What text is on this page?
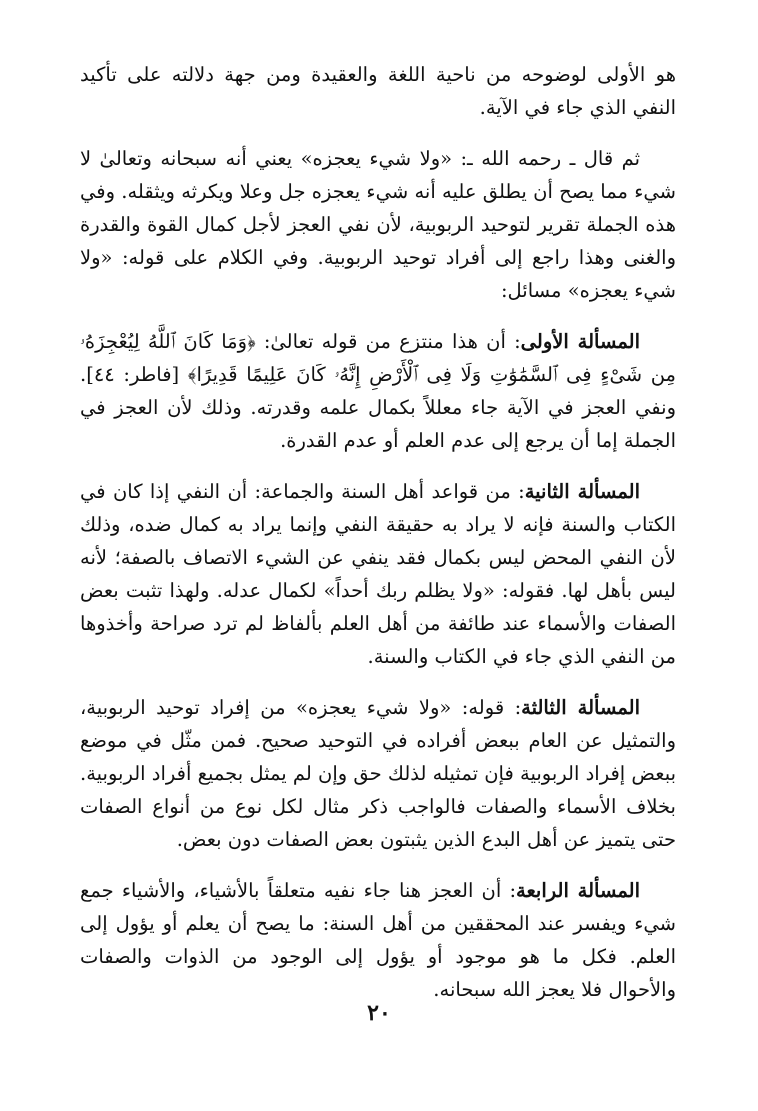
هو الأولى لوضوحه من ناحية اللغة والعقيدة ومن جهة دلالته على تأكيد النفي الذي جاء في الآية.

ثم قال ـ رحمه الله ـ: «ولا شيء يعجزه» يعني أنه سبحانه وتعالىٰ لا شيء مما يصح أن يطلق عليه أنه شيء يعجزه جل وعلا ويكرثه ويثقله. وفي هذه الجملة تقرير لتوحيد الربوبية، لأن نفي العجز لأجل كمال القوة والقدرة والغنى وهذا راجع إلى أفراد توحيد الربوبية. وفي الكلام على قوله: «ولا شيء يعجزه» مسائل:

المسألة الأولى: أن هذا منتزع من قوله تعالىٰ: ﴿وَمَا كَانَ ٱللَّهُ لِيُعْجِزَهُۥ مِن شَىْءٍ فِى ٱلسَّمَٰوَٰتِ وَلَا فِى ٱلْأَرْضِ إِنَّهُۥ كَانَ عَلِيمًا قَدِيرًا﴾ [فاطر: ٤٤]. ونفي العجز في الآية جاء معللاً بكمال علمه وقدرته. وذلك لأن العجز في الجملة إما أن يرجع إلى عدم العلم أو عدم القدرة.

المسألة الثانية: من قواعد أهل السنة والجماعة: أن النفي إذا كان في الكتاب والسنة فإنه لا يراد به حقيقة النفي وإنما يراد به كمال ضده، وذلك لأن النفي المحض ليس بكمال فقد ينفي عن الشيء الاتصاف بالصفة؛ لأنه ليس بأهل لها. فقوله: «ولا يظلم ربك أحداً» لكمال عدله. ولهذا تثبت بعض الصفات والأسماء عند طائفة من أهل العلم بألفاظ لم ترد صراحة وأخذوها من النفي الذي جاء في الكتاب والسنة.

المسألة الثالثة: قوله: «ولا شيء يعجزه» من إفراد توحيد الربوبية، والتمثيل عن العام ببعض أفراده في التوحيد صحيح. فمن مثّل في موضع ببعض إفراد الربوبية فإن تمثيله لذلك حق وإن لم يمثل بجميع أفراد الربوبية. بخلاف الأسماء والصفات فالواجب ذكر مثال لكل نوع من أنواع الصفات حتى يتميز عن أهل البدع الذين يثبتون بعض الصفات دون بعض.

المسألة الرابعة: أن العجز هنا جاء نفيه متعلقاً بالأشياء، والأشياء جمع شيء ويفسر عند المحققين من أهل السنة: ما يصح أن يعلم أو يؤول إلى العلم. فكل ما هو موجود أو يؤول إلى الوجود من الذوات والصفات والأحوال فلا يعجز الله سبحانه.

٢٠
